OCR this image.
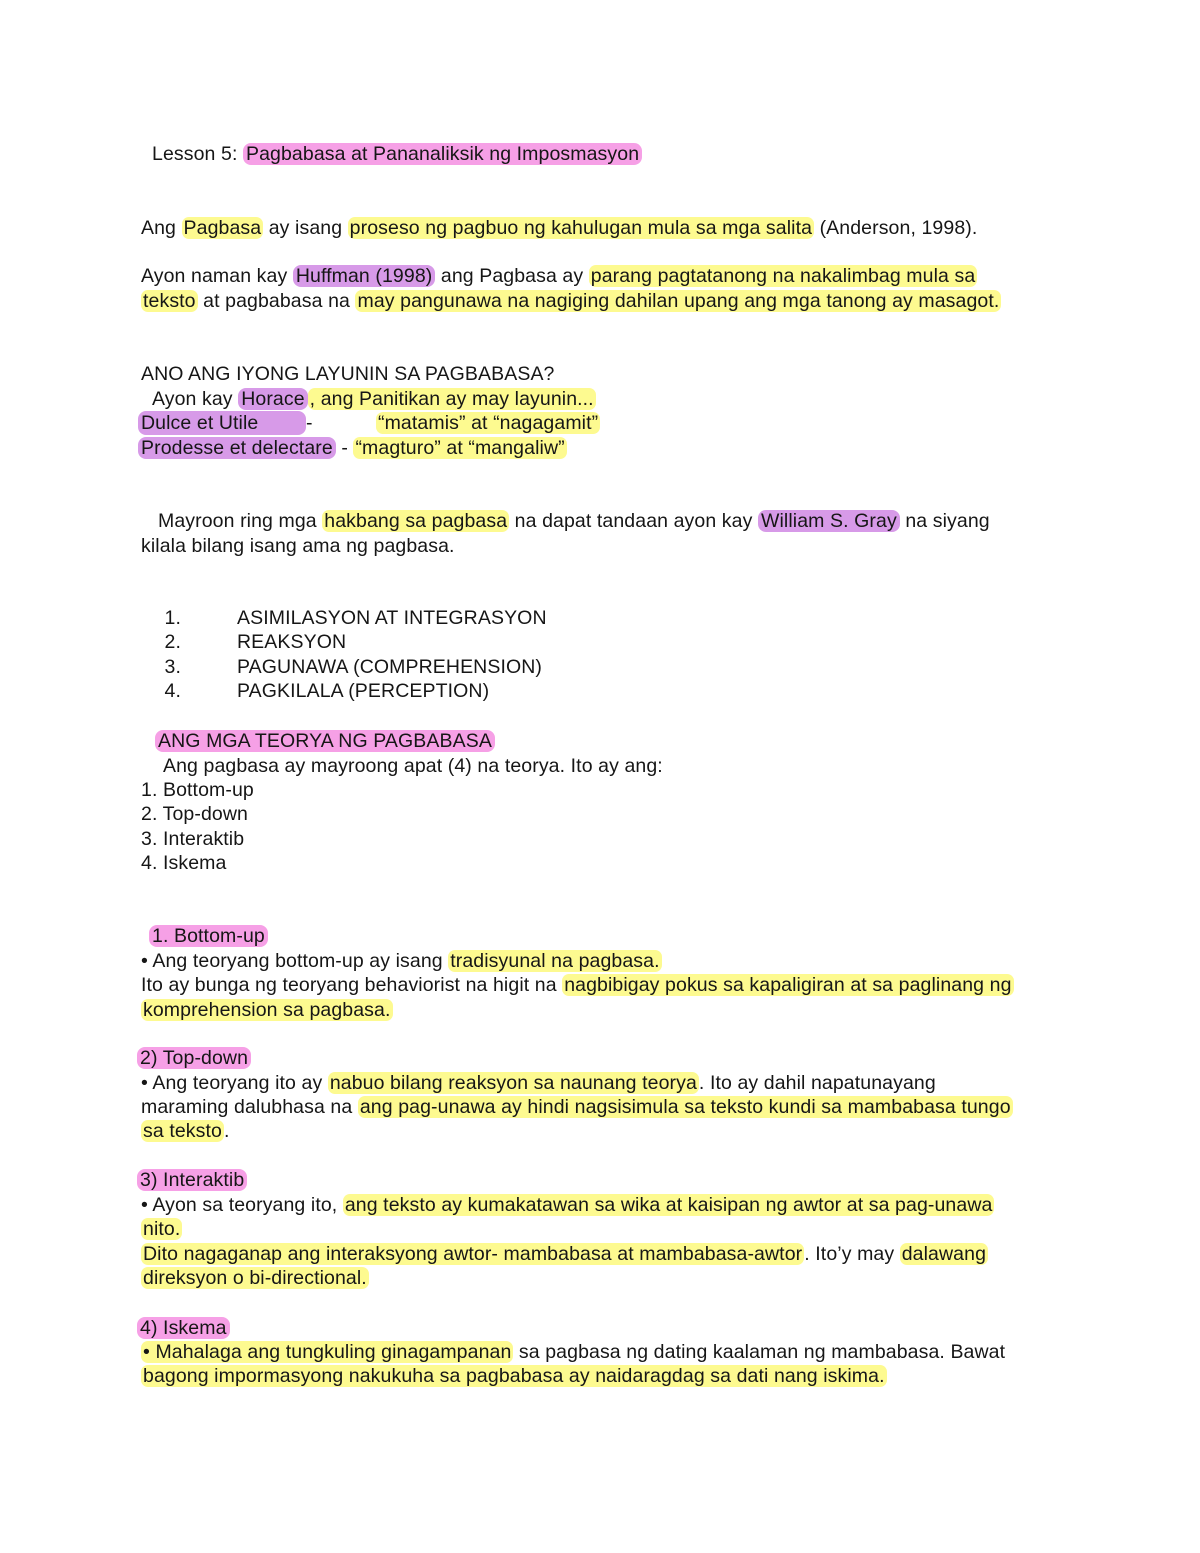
Lesson 5: Pagbabasa at Pananaliksik ng Imposmasyon
Ang Pagbasa ay isang proseso ng pagbuo ng kahulugan mula sa mga salita (Anderson, 1998).
Ayon naman kay Huffman (1998) ang Pagbasa ay parang pagtatanong na nakalimbag mula sa
teksto at pagbabasa na may pangunawa na nagiging dahilan upang ang mga tanong ay masagot.
ANO ANG IYONG LAYUNIN SA PAGBABASA?
Ayon kay Horace , ang Panitikan ay may layunin...
Dulce et Utile -	“matamis” at “nagagamit”
Prodesse et delectare - “magturo” at “mangaliw”
Mayroon ring mga hakbang sa pagbasa na dapat tandaan ayon kay William S. Gray na siyang
kilala bilang isang ama ng pagbasa.
1.	ASIMILASYON AT INTEGRASYON
2.	REAKSYON
3.	PAGUNAWA (COMPREHENSION)
4.	PAGKILALA (PERCEPTION)
ANG MGA TEORYA NG PAGBABASA
Ang pagbasa ay mayroong apat (4) na teorya. Ito ay ang:
1. Bottom-up
2. Top-down
3. Interaktib
4. Iskema
1. Bottom-up
• Ang teoryang bottom-up ay isang tradisyunal na pagbasa.
Ito ay bunga ng teoryang behaviorist na higit na nagbibigay pokus sa kapaligiran at sa paglinang ng
komprehension sa pagbasa.
2) Top-down
• Ang teoryang ito ay nabuo bilang reaksyon sa naunang teorya . Ito ay dahil napatunayang
maraming dalubhasa na ang pag-unawa ay hindi nagsisimula sa teksto kundi sa mambabasa tungo
sa teksto .
3) Interaktib
• Ayon sa teoryang ito, ang teksto ay kumakatawan sa wika at kaisipan ng awtor at sa pag-unawa
nito.
Dito nagaganap ang interaksyong awtor- mambabasa at mambabasa-awtor . Ito’y may dalawang
direksyon o bi-directional.
4) Iskema
• Mahalaga ang tungkuling ginagampanan sa pagbasa ng dating kaalaman ng mambabasa. Bawat
bagong impormasyong nakukuha sa pagbabasa ay naidaragdag sa dati nang iskima.
